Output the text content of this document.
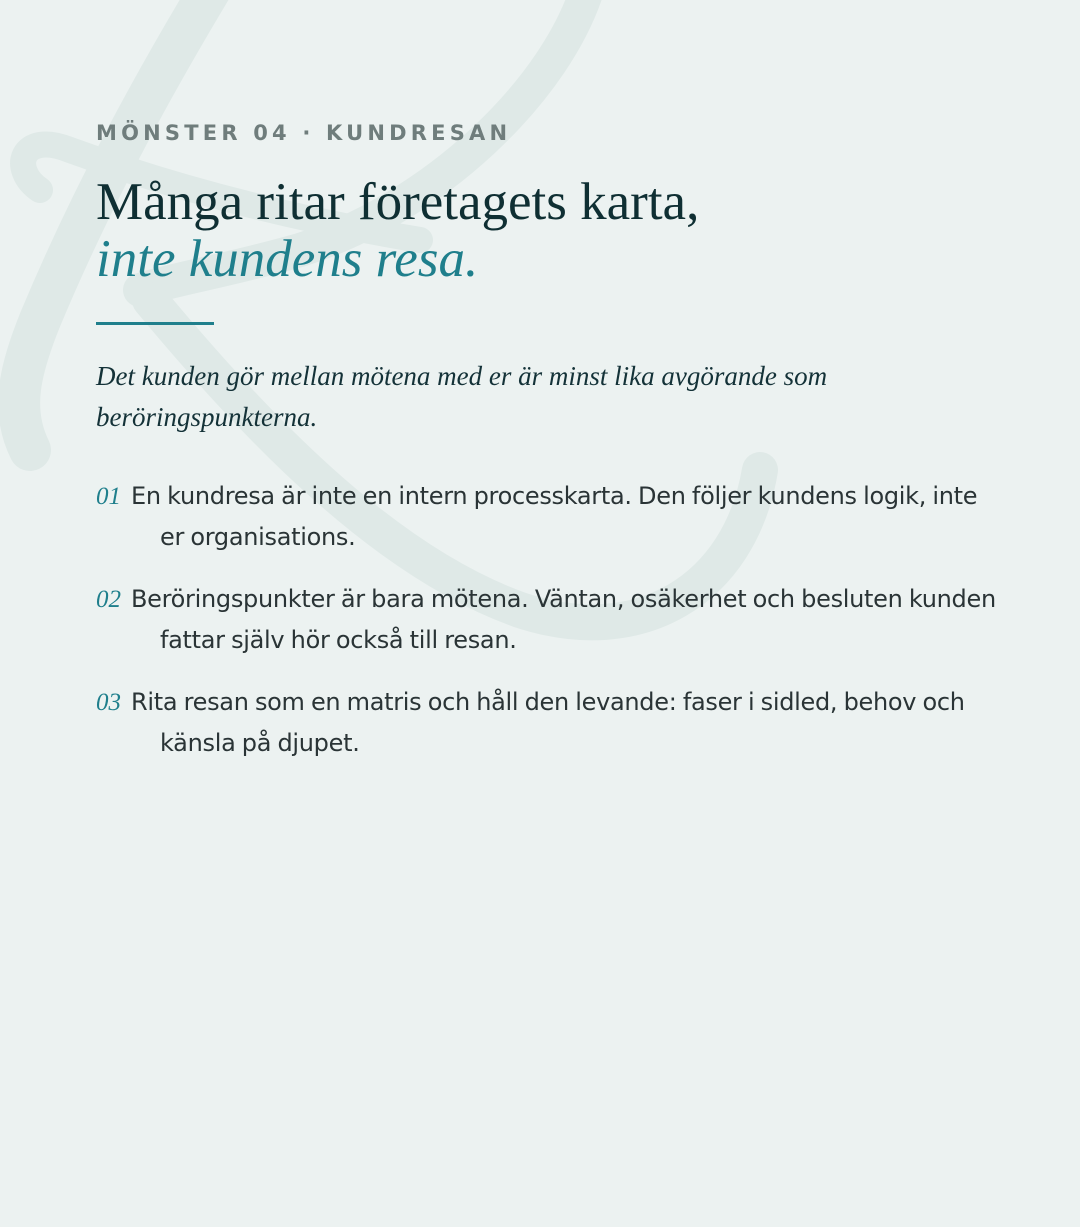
MÖNSTER 04 · KUNDRESAN
Många ritar företagets karta,
inte kundens resa.

Det kunden gör mellan mötena med er är minst lika avgörande som beröringspunkterna.

01 En kundresa är inte en intern processkarta. Den följer kundens logik, inte er organisations.
02 Beröringspunkter är bara mötena. Väntan, osäkerhet och besluten kunden fattar själv hör också till resan.
03 Rita resan som en matris och håll den levande: faser i sidled, behov och känsla på djupet.
